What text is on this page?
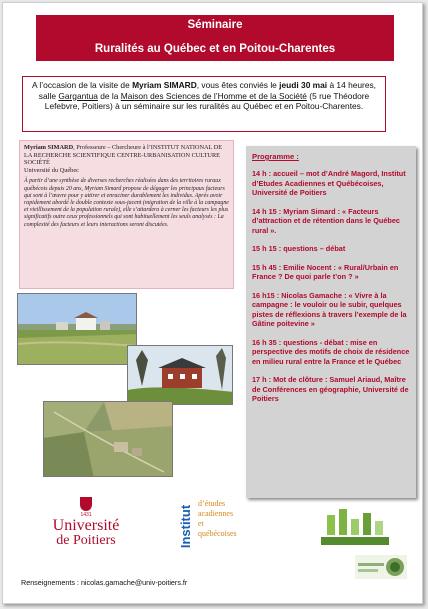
Séminaire
Ruralités au Québec et en Poitou-Charentes
A l’occasion de la visite de Myriam SIMARD, vous êtes conviés le jeudi 30 mai à 14 heures, salle Gargantua de la Maison des Sciences de l’Homme et de la Société (5 rue Théodore Lefebvre, Poitiers) à un séminaire sur les ruralités au Québec et en Poitou-Charentes.
Myriam SIMARD, Professeure – Chercheure à l’INSTITUT NATIONAL DE LA RECHERCHE SCIENTIFIQUE CENTRE-URBANISATION CULTURE SOCIÉTÉ
Université du Québec
À partir d’une synthèse de diverses recherches réalisées dans des territoires ruraux québécois depuis 20 ans, Myriam Simard propose de dégager les principaux facteurs qui sont à l’œuvre pour y attirer et enraciner durablement les individus. Après avoir rapidement abordé le double contexte sous-jacent (migration de la ville à la campagne et vieillissement de la population rurale), elle s’attardera à cerner les facteurs les plus significatifs outre ceux professionnels qui sont habituellement les seuls analysés : La complexité des facteurs et leurs interactions seront discutées.
Programme :
14 h : accueil – mot d’André Magord, Institut d’Etudes Acadiennes et Québécoises, Université de Poitiers
14 h 15 : Myriam Simard : « Facteurs d’attraction et de rétention dans le Québec rural ».
15 h 15 : questions – débat
15 h 45 : Emilie Nocent : « Rural/Urbain en France ? De quoi parle t’on ? »
16 h15 : Nicolas Gamache : « Vivre à la campagne : le vouloir ou le subir, quelques pistes de réflexions à travers l’exemple de la Gâtine poitevine »
16 h 35 : questions - débat : mise en perspective des motifs de choix de résidence en milieu rural entre la France et le Québec
17 h : Mot de clôture : Samuel Ariaud, Maître de Conférences en géographie, Université de Poitiers
1431
Université
de Poitiers	Institut
d’études
acadiennes
et
québécoises
Renseignements : nicolas.gamache@univ-poitiers.fr
